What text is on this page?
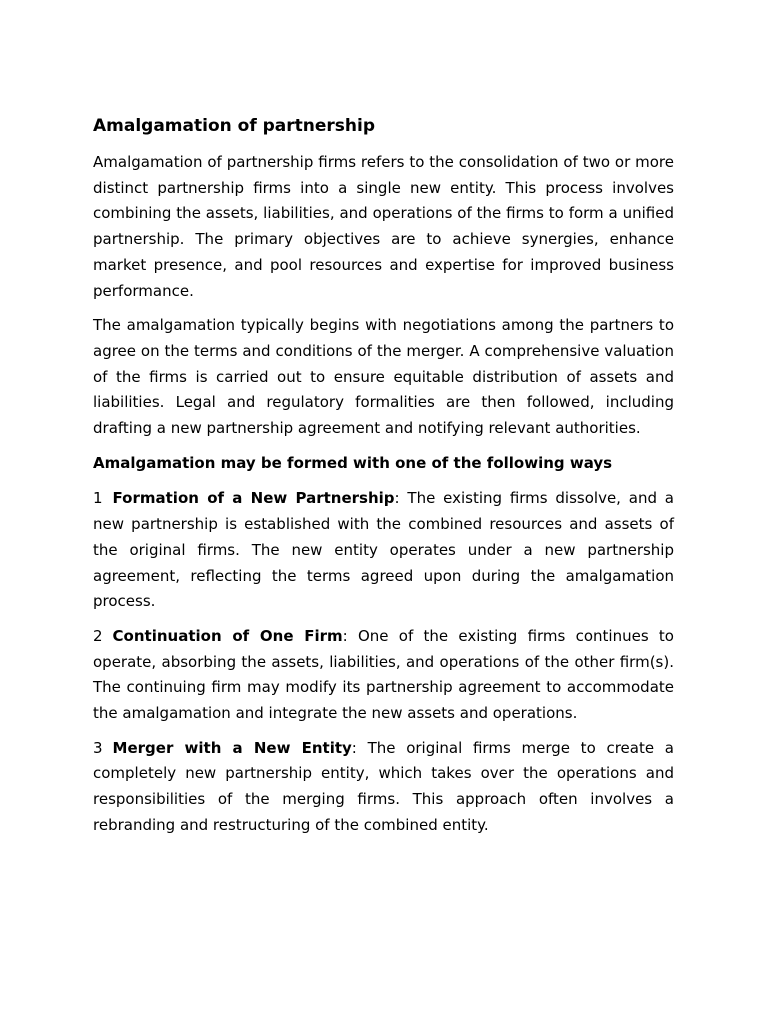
Amalgamation of partnership

Amalgamation of partnership firms refers to the consolidation of two or more distinct partnership firms into a single new entity. This process involves combining the assets, liabilities, and operations of the firms to form a unified partnership. The primary objectives are to achieve synergies, enhance market presence, and pool resources and expertise for improved business performance.

The amalgamation typically begins with negotiations among the partners to agree on the terms and conditions of the merger. A comprehensive valuation of the firms is carried out to ensure equitable distribution of assets and liabilities. Legal and regulatory formalities are then followed, including drafting a new partnership agreement and notifying relevant authorities.

Amalgamation may be formed with one of the following ways

1 Formation of a New Partnership: The existing firms dissolve, and a new partnership is established with the combined resources and assets of the original firms. The new entity operates under a new partnership agreement, reflecting the terms agreed upon during the amalgamation process.

2 Continuation of One Firm: One of the existing firms continues to operate, absorbing the assets, liabilities, and operations of the other firm(s). The continuing firm may modify its partnership agreement to accommodate the amalgamation and integrate the new assets and operations.

3 Merger with a New Entity: The original firms merge to create a completely new partnership entity, which takes over the operations and responsibilities of the merging firms. This approach often involves a rebranding and restructuring of the combined entity.
